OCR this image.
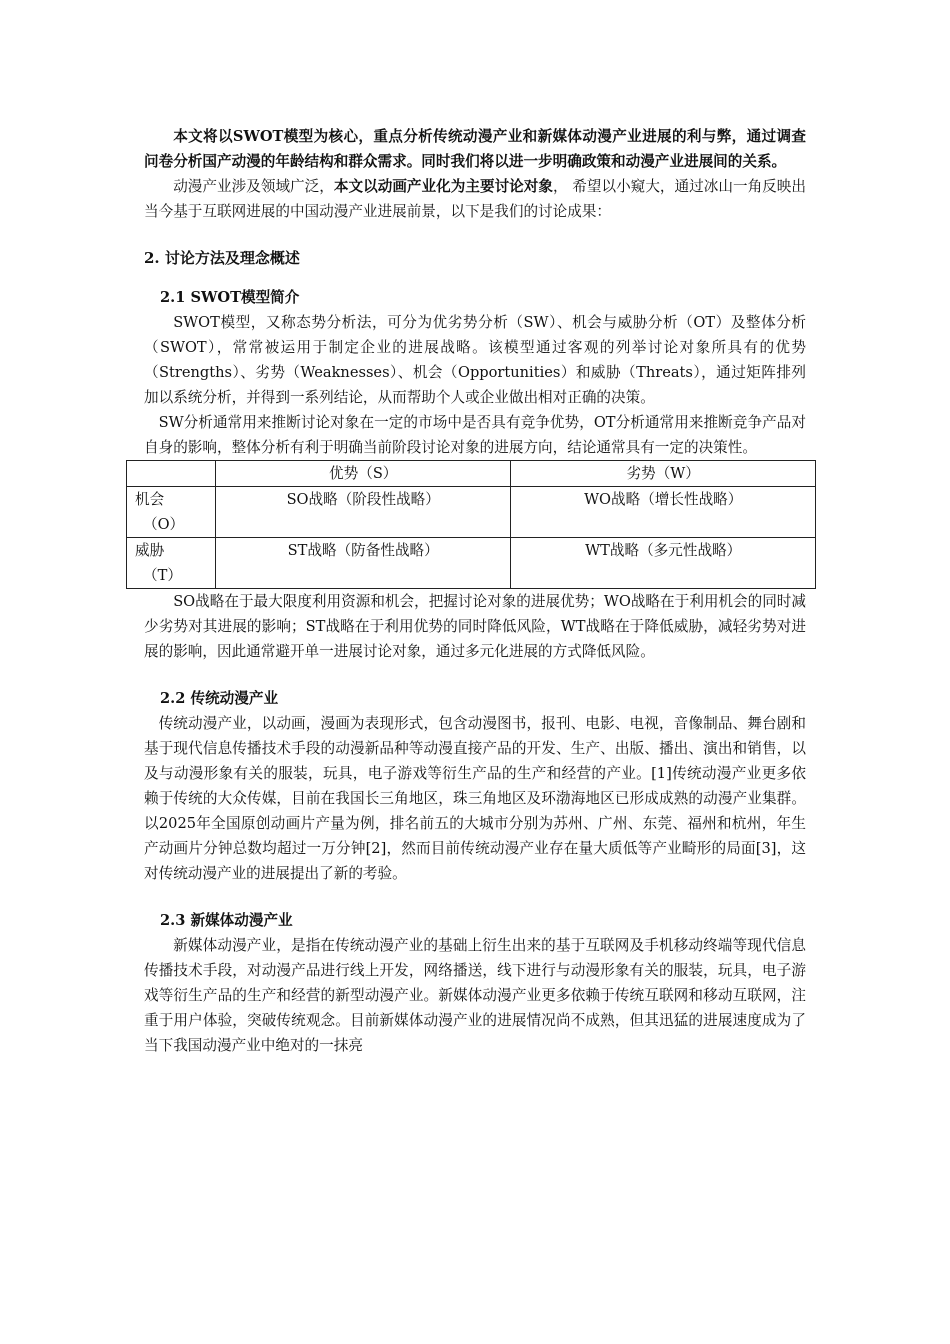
本文将以SWOT模型为核心，重点分析传统动漫产业和新媒体动漫产业进展的利与弊，通过调查问卷分析国产动漫的年龄结构和群众需求。同时我们将以进一步明确政策和动漫产业进展间的关系。

动漫产业涉及领域广泛，本文以动画产业化为主要讨论对象， 希望以小窥大，通过冰山一角反映出当今基于互联网进展的中国动漫产业进展前景，以下是我们的讨论成果：

2. 讨论方法及理念概述
2.1 SWOT模型简介

SWOT模型，又称态势分析法，可分为优劣势分析（SW）、机会与威胁分析（OT）及整体分析（SWOT），常常被运用于制定企业的进展战略。该模型通过客观的列举讨论对象所具有的优势（Strengths）、劣势（Weaknesses）、机会（Opportunities）和威胁（Threats），通过矩阵排列加以系统分析，并得到一系列结论，从而帮助个人或企业做出相对正确的决策。

SW分析通常用来推断讨论对象在一定的市场中是否具有竞争优势，OT分析通常用来推断竞争产品对自身的影响，整体分析有利于明确当前阶段讨论对象的进展方向，结论通常具有一定的决策性。

	优势（S）	劣势（W）

机会
（O）	SO战略（阶段性战略）	WO战略（增长性战略）

威胁
（T）	ST战略（防备性战略）	WT战略（多元性战略）

SO战略在于最大限度利用资源和机会，把握讨论对象的进展优势；WO战略在于利用机会的同时减少劣势对其进展的影响；ST战略在于利用优势的同时降低风险，WT战略在于降低威胁，减轻劣势对进展的影响，因此通常避开单一进展讨论对象，通过多元化进展的方式降低风险。

2.2 传统动漫产业

传统动漫产业，以动画，漫画为表现形式，包含动漫图书，报刊、电影、电视，音像制品、舞台剧和基于现代信息传播技术手段的动漫新品种等动漫直接产品的开发、生产、出版、播出、演出和销售，以及与动漫形象有关的服装，玩具，电子游戏等衍生产品的生产和经营的产业。[1]传统动漫产业更多依赖于传统的大众传媒，目前在我国长三角地区，珠三角地区及环渤海地区已形成成熟的动漫产业集群。以2025年全国原创动画片产量为例，排名前五的大城市分别为苏州、广州、东莞、福州和杭州，年生产动画片分钟总数均超过一万分钟[2]，然而目前传统动漫产业存在量大质低等产业畸形的局面[3]，这对传统动漫产业的进展提出了新的考验。

2.3 新媒体动漫产业

新媒体动漫产业，是指在传统动漫产业的基础上衍生出来的基于互联网及手机移动终端等现代信息传播技术手段，对动漫产品进行线上开发，网络播送，线下进行与动漫形象有关的服装，玩具，电子游戏等衍生产品的生产和经营的新型动漫产业。新媒体动漫产业更多依赖于传统互联网和移动互联网，注重于用户体验，突破传统观念。目前新媒体动漫产业的进展情况尚不成熟，但其迅猛的进展速度成为了当下我国动漫产业中绝对的一抹亮
